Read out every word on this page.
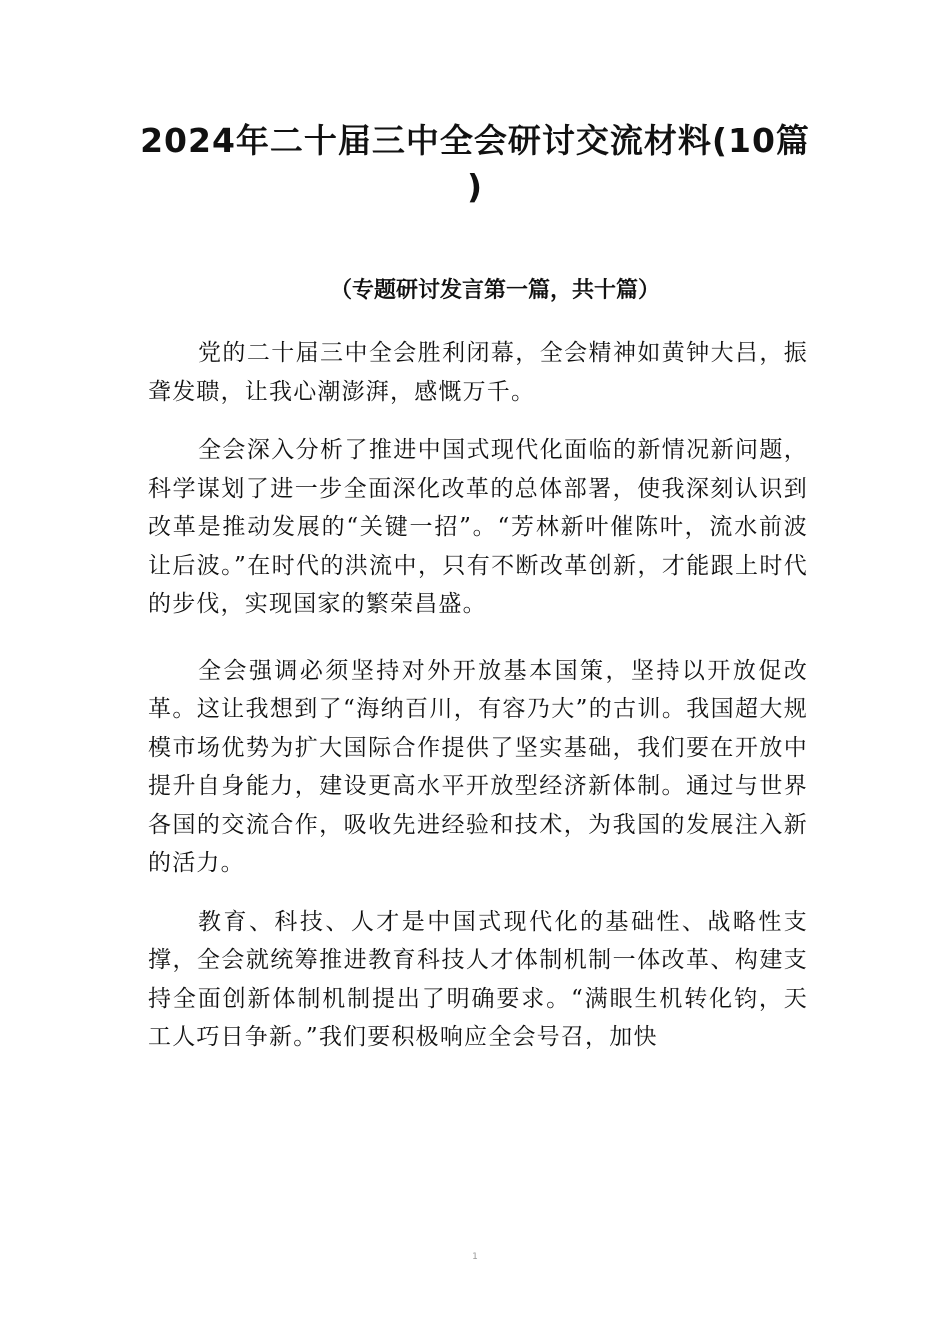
2024年二十届三中全会研讨交流材料(10篇 )

（专题研讨发言第一篇，共十篇）

党的二十届三中全会胜利闭幕，全会精神如黄钟大吕，振聋发聩，让我心潮澎湃，感慨万千。

全会深入分析了推进中国式现代化面临的新情况新问题，科学谋划了进一步全面深化改革的总体部署，使我深刻认识到改革是推动发展的“关键一招”。“芳林新叶催陈叶，流水前波让后波。”在时代的洪流中，只有不断改革创新，才能跟上时代的步伐，实现国家的繁荣昌盛。

全会强调必须坚持对外开放基本国策，坚持以开放促改革。这让我想到了“海纳百川，有容乃大”的古训。我国超大规模市场优势为扩大国际合作提供了坚实基础，我们要在开放中提升自身能力，建设更高水平开放型经济新体制。通过与世界各国的交流合作，吸收先进经验和技术，为我国的发展注入新的活力。

教育、科技、人才是中国式现代化的基础性、战略性支撑，全会就统筹推进教育科技人才体制机制一体改革、构建支持全面创新体制机制提出了明确要求。“满眼生机转化钧，天工人巧日争新。”我们要积极响应全会号召，加快

1
